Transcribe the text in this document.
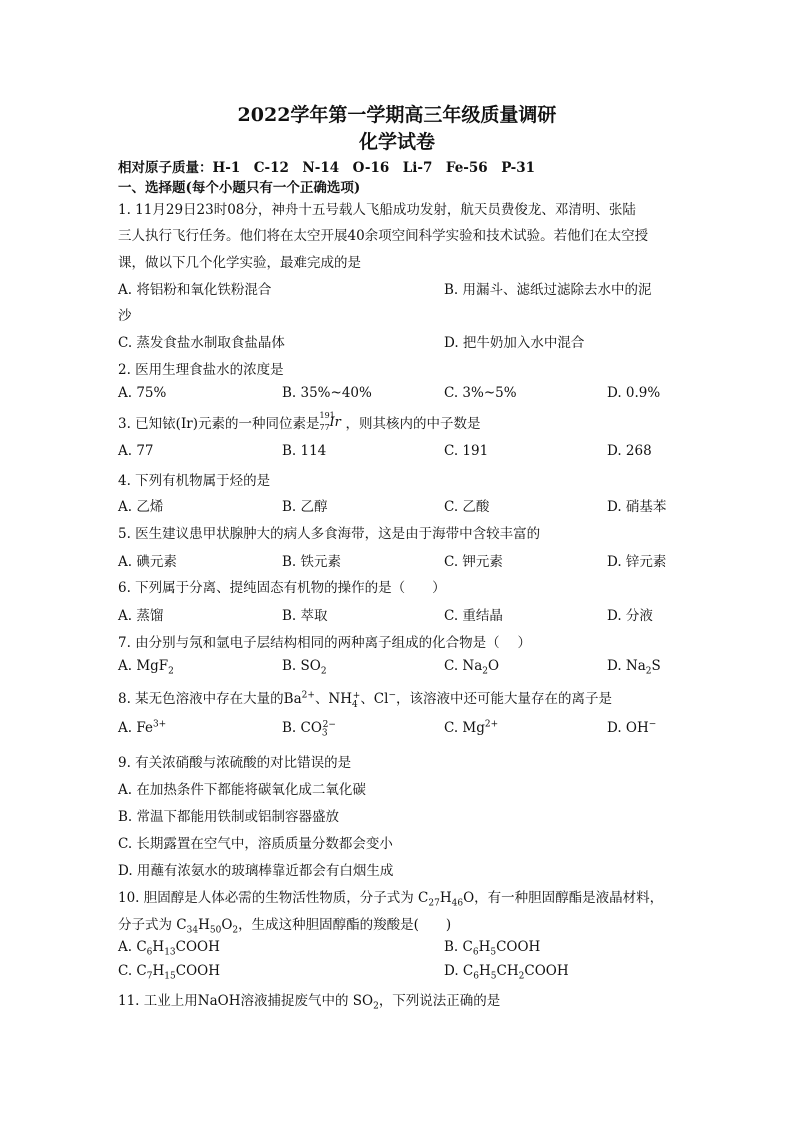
2022学年第一学期高三年级质量调研
化学试卷
相对原子质量：H-1　C-12　N-14　O-16　Li-7　Fe-56　P-31
一、选择题(每个小题只有一个正确选项)
1. 11月29日23时08分，神舟十五号载人飞船成功发射，航天员费俊龙、邓清明、张陆
三人执行飞行任务。他们将在太空开展40余项空间科学实验和技术试验。若他们在太空授
课，做以下几个化学实验，最难完成的是
A. 将铝粉和氧化铁粉混合	B. 用漏斗、滤纸过滤除去水中的泥
沙
C. 蒸发食盐水制取食盐晶体	D. 把牛奶加入水中混合
2. 医用生理食盐水的浓度是
A. 75%	B. 35%~40%	C. 3%~5%	D. 0.9%
3. 已知铱(Ir)元素的一种同位素是
191
77 Ir ，则其核内的中子数是
A. 77	B. 114	C. 191	D. 268
4. 下列有机物属于烃的是
A. 乙烯	B. 乙醇	C. 乙酸	D. 硝基苯
5. 医生建议患甲状腺肿大的病人多食海带，这是由于海带中含较丰富的
A. 碘元素	B. 铁元素	C. 钾元素	D. 锌元素
6. 下列属于分离、提纯固态有机物的操作的是（　　）
A. 蒸馏	B. 萃取	C. 重结晶	D. 分液
7. 由分别与氖和氩电子层结构相同的两种离子组成的化合物是（　 ）
A. MgF$_2$	B. $SO_2$	C. $Na_2O$	D. $Na_2S$
8. 某无色溶液中存在大量的$Ba^{2+}$、$NH_4^+$、Cl−，该溶液中还可能大量存在的离子是
A. $Fe^{3+}$	B. $CO_3^{2-}$	C. $Mg^{2+}$	D. OH−
9. 有关浓硝酸与浓硫酸的对比错误的是
A. 在加热条件下都能将碳氧化成二氧化碳
B. 常温下都能用铁制或铝制容器盛放
C. 长期露置在空气中，溶质质量分数都会变小
D. 用蘸有浓氨水的玻璃棒靠近都会有白烟生成
10. 胆固醇是人体必需的生物活性物质，分子式为 $C_{27}H_{46}O$，有一种胆固醇酯是液晶材料，
分子式为 $C_{34}H_{50}O_2$，生成这种胆固醇酯的羧酸是(　　)
A. $C_6H_{13}COOH$	B. $C_6H_5COOH$
C. $C_7H_{15}COOH$	D. $C_6H_5CH_2COOH$
11. 工业上用NaOH溶液捕捉废气中的 $SO_2$，下列说法正确的是
